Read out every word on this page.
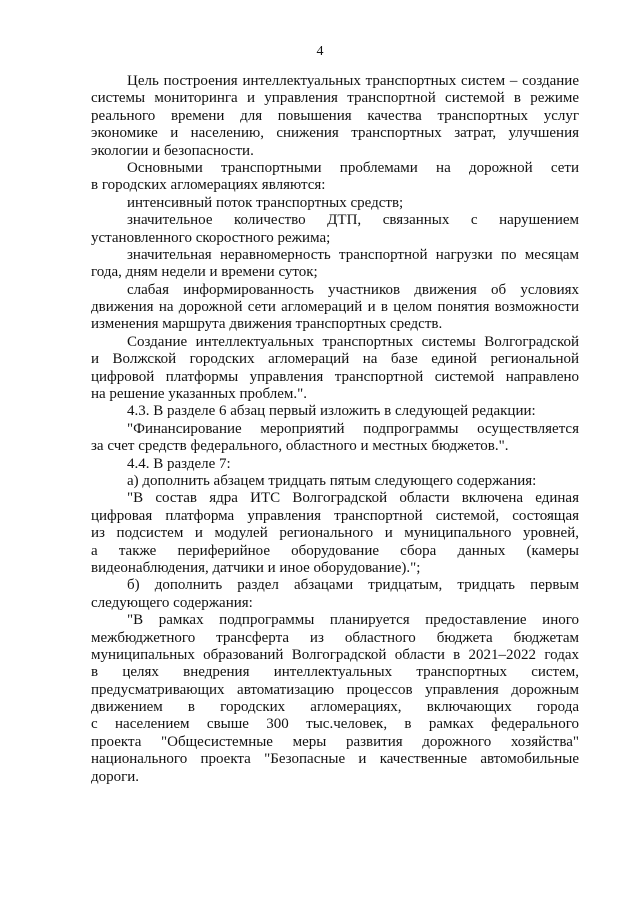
4
Цель построения интеллектуальных транспортных систем – создание
системы мониторинга и управления транспортной системой в режиме
реального времени для повышения качества транспортных услуг
экономике и населению, снижения транспортных затрат, улучшения
экологии и безопасности.
Основными транспортными проблемами на дорожной сети
в городских агломерациях являются:
интенсивный поток транспортных средств;
значительное количество ДТП, связанных с нарушением
установленного скоростного режима;
значительная неравномерность транспортной нагрузки по месяцам
года, дням недели и времени суток;
слабая информированность участников движения об условиях
движения на дорожной сети агломераций и в целом понятия возможности
изменения маршрута движения транспортных средств.
Создание интеллектуальных транспортных системы Волгоградской
и Волжской городских агломераций на базе единой региональной
цифровой платформы управления транспортной системой направлено
на решение указанных проблем.".
4.3. В разделе 6 абзац первый изложить в следующей редакции:
"Финансирование мероприятий подпрограммы осуществляется
за счет средств федерального, областного и местных бюджетов.".
4.4. В разделе 7:
а) дополнить абзацем тридцать пятым следующего содержания:
"В состав ядра ИТС Волгоградской области включена единая
цифровая платформа управления транспортной системой, состоящая
из подсистем и модулей регионального и муниципального уровней,
а также периферийное оборудование сбора данных (камеры
видеонаблюдения, датчики и иное оборудование).";
б) дополнить раздел абзацами тридцатым, тридцать первым
следующего содержания:
"В рамках подпрограммы планируется предоставление иного
межбюджетного трансферта из областного бюджета бюджетам
муниципальных образований Волгоградской области в 2021–2022 годах
в целях внедрения интеллектуальных транспортных систем,
предусматривающих автоматизацию процессов управления дорожным
движением в городских агломерациях, включающих города
с населением свыше 300 тыс.человек, в рамках федерального
проекта "Общесистемные меры развития дорожного хозяйства"
национального проекта "Безопасные и качественные автомобильные
дороги.
